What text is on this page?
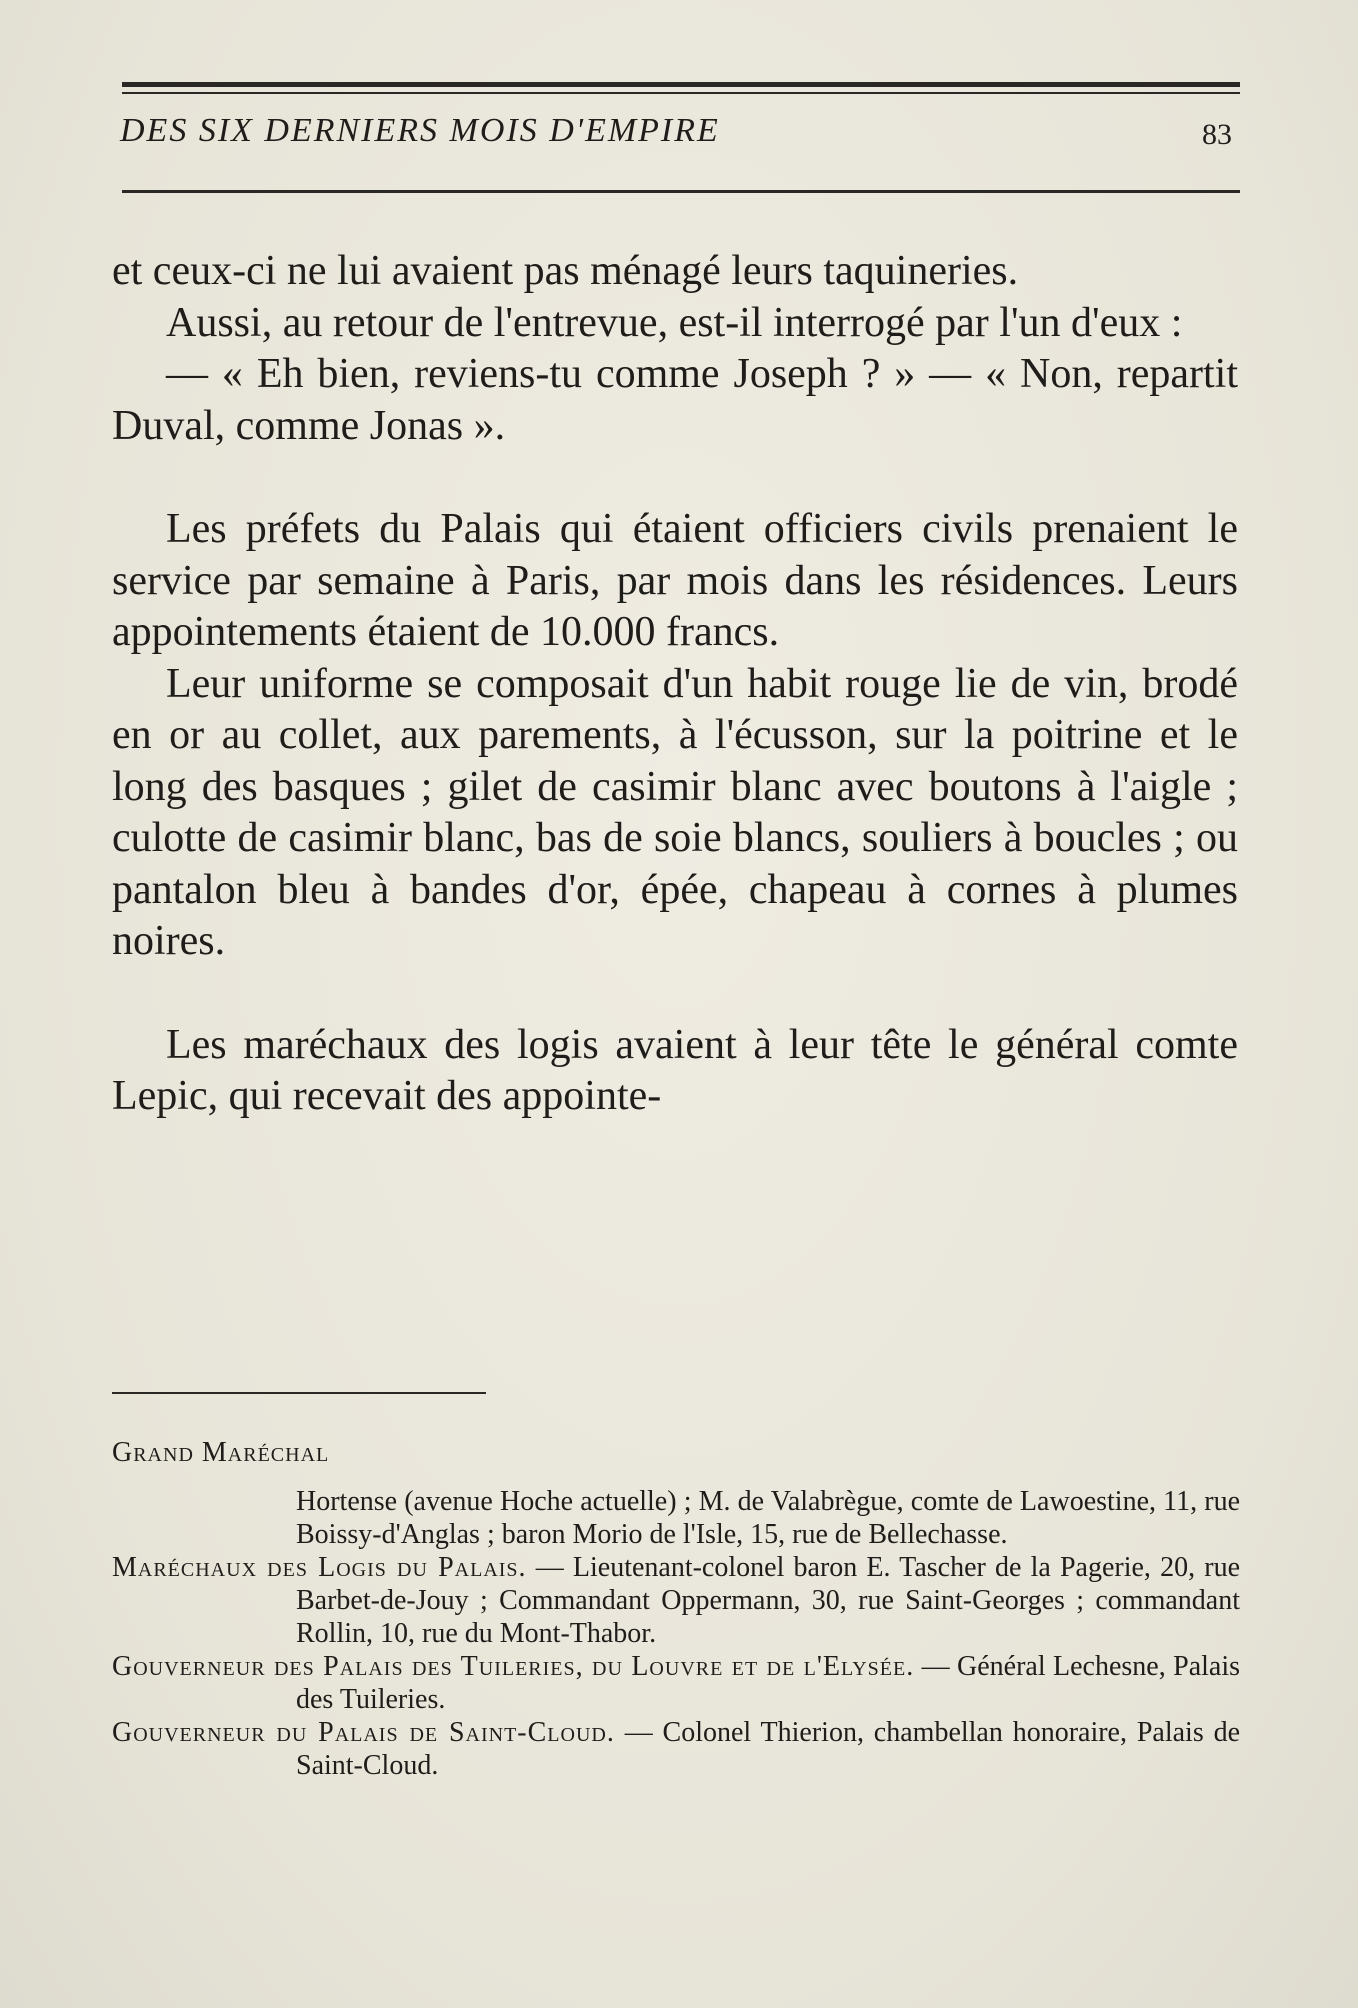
DES SIX DERNIERS MOIS D'EMPIRE	83

et ceux-ci ne lui avaient pas ménagé leurs taquineries.

Aussi, au retour de l'entrevue, est-il interrogé par l'un d'eux :

— « Eh bien, reviens-tu comme Joseph ? » — « Non, repartit Duval, comme Jonas ».

Les préfets du Palais qui étaient officiers civils prenaient le service par semaine à Paris, par mois dans les résidences. Leurs appointements étaient de 10.000 francs.

Leur uniforme se composait d'un habit rouge lie de vin, brodé en or au collet, aux parements, à l'écusson, sur la poitrine et le long des basques ; gilet de casimir blanc avec boutons à l'aigle ; culotte de casimir blanc, bas de soie blancs, souliers à boucles ; ou pantalon bleu à bandes d'or, épée, chapeau à cornes à plumes noires.

Les maréchaux des logis avaient à leur tête le général comte Lepic, qui recevait des appointe-

Grand Maréchal

Hortense (avenue Hoche actuelle) ; M. de Valabrègue, comte de Lawoestine, 11, rue Boissy-d'Anglas ; baron Morio de l'Isle, 15, rue de Bellechasse.

Maréchaux des Logis du Palais. — Lieutenant-colonel baron E. Tascher de la Pagerie, 20, rue Barbet-de-Jouy ; Commandant Oppermann, 30, rue Saint-Georges ; commandant Rollin, 10, rue du Mont-Thabor.

Gouverneur des Palais des Tuileries, du Louvre et de l'Elysée. — Général Lechesne, Palais des Tuileries.

Gouverneur du Palais de Saint-Cloud. — Colonel Thierion, chambellan honoraire, Palais de Saint-Cloud.
